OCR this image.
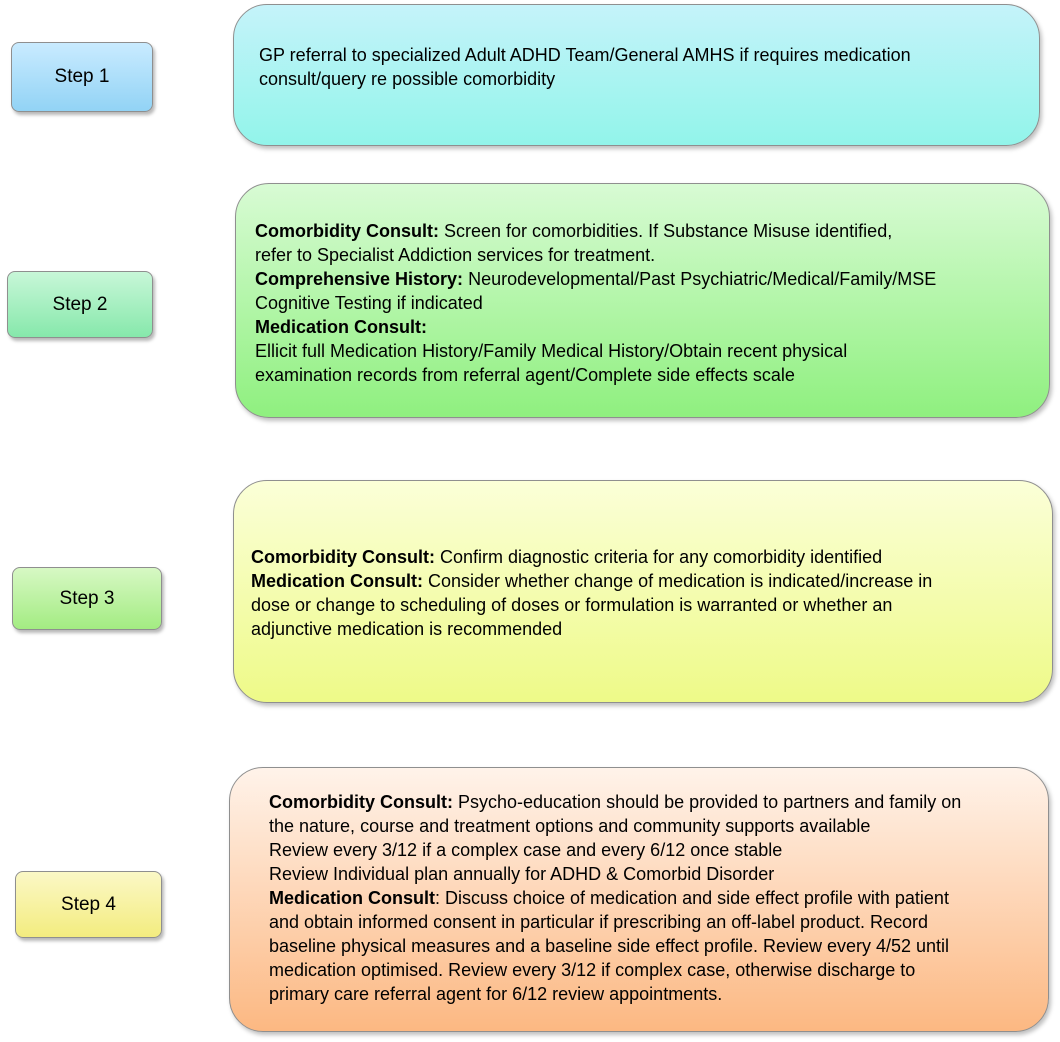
Step 1
Step 2
Step 3
Step 4
GP referral to specialized Adult ADHD Team/General AMHS if requires medication
consult/query re possible comorbidity
Comorbidity Consult: Screen for comorbidities. If Substance Misuse identified,
refer to Specialist Addiction services for treatment.
Comprehensive History: Neurodevelopmental/Past Psychiatric/Medical/Family/MSE
Cognitive Testing if indicated
Medication Consult:
Ellicit full Medication History/Family Medical History/Obtain recent physical
examination records from referral agent/Complete side effects scale
Comorbidity Consult: Confirm diagnostic criteria for any comorbidity identified
Medication Consult: Consider whether change of medication is indicated/increase in
dose or change to scheduling of doses or formulation is warranted or whether an
adjunctive medication is recommended
Comorbidity Consult: Psycho-education should be provided to partners and family on
the nature, course and treatment options and community supports available
Review every 3/12 if a complex case and every 6/12 once stable
Review Individual plan annually for ADHD & Comorbid Disorder
Medication Consult: Discuss choice of medication and side effect profile with patient
and obtain informed consent in particular if prescribing an off-label product. Record
baseline physical measures and a baseline side effect profile. Review every 4/52 until
medication optimised. Review every 3/12 if complex case, otherwise discharge to
primary care referral agent for 6/12 review appointments.
